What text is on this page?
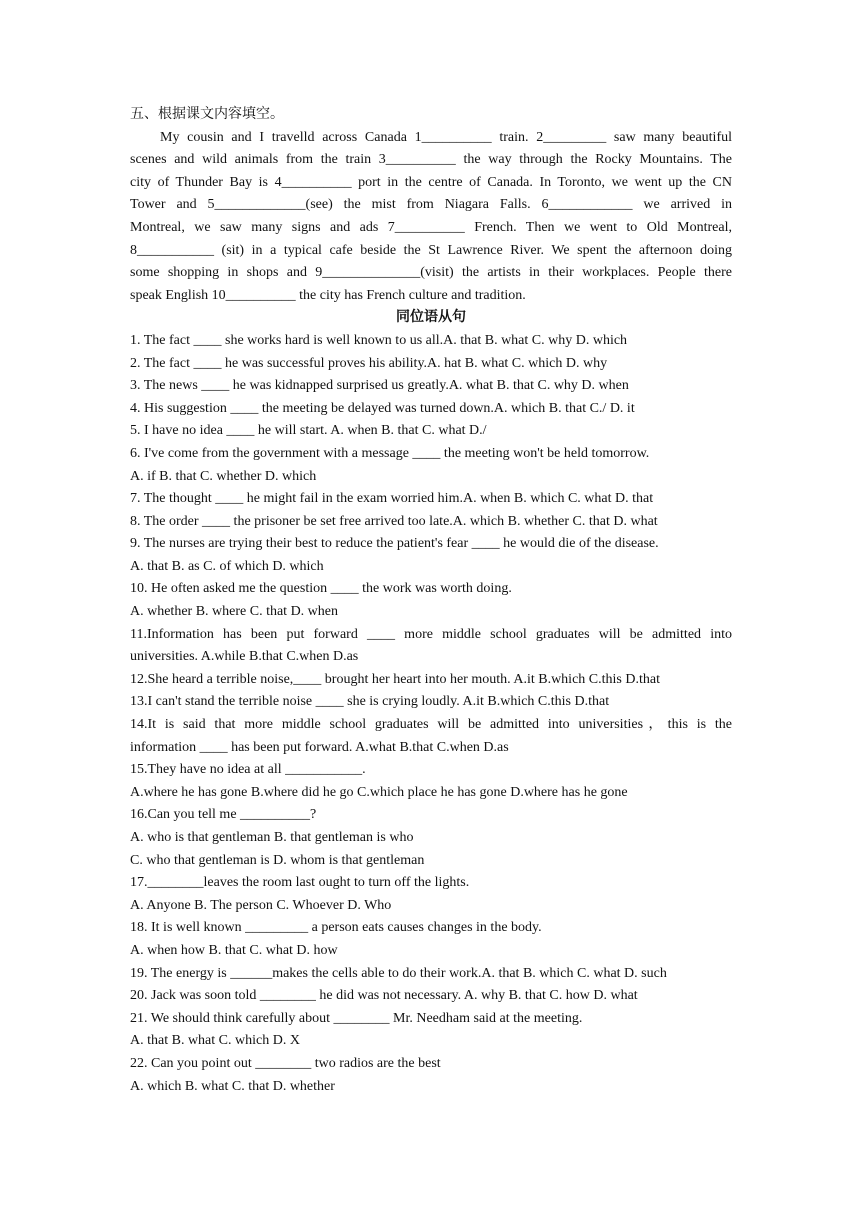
五、根据课文内容填空。
My cousin and I travelld across Canada 1__________ train. 2_________ saw many beautiful
scenes and wild animals from the train 3__________ the way through the Rocky Mountains. The
city of Thunder Bay is 4__________ port in the centre of Canada. In Toronto, we went up the CN
Tower and 5_____________(see) the mist from Niagara Falls. 6____________ we arrived in
Montreal, we saw many signs and ads 7__________ French. Then we went to Old Montreal,
8___________ (sit) in a typical cafe beside the St Lawrence River. We spent the afternoon doing
some shopping in shops and 9______________(visit) the artists in their workplaces. People there
speak English 10__________ the city has French culture and tradition.
同位语从句
1. The fact ____ she works hard is well known to us all.A. that B. what C. why D. which
2. The fact ____ he was successful proves his ability.A. hat B. what C. which D. why
3. The news ____ he was kidnapped surprised us greatly.A. what B. that C. why D. when
4. His suggestion ____ the meeting be delayed was turned down.A. which B. that C./ D. it
5. I have no idea ____ he will start. A. when B. that C. what D./
6. I've come from the government with a message ____ the meeting won't be held tomorrow.
A. if B. that C. whether D. which
7. The thought ____ he might fail in the exam worried him.A. when B. which C. what D. that
8. The order ____ the prisoner be set free arrived too late.A. which B. whether C. that D. what
9. The nurses are trying their best to reduce the patient's fear ____ he would die of the disease.
A. that B. as C. of which D. which
10. He often asked me the question ____ the work was worth doing.
A. whether B. where C. that D. when
11.Information has been put forward ____ more middle school graduates will be admitted into
universities. A.while B.that C.when D.as
12.She heard a terrible noise,____ brought her heart into her mouth. A.it B.which C.this D.that
13.I can't stand the terrible noise ____ she is crying loudly. A.it B.which C.this D.that
14.It is said that more middle school graduates will be admitted into universities，this is the
information ____ has been put forward. A.what B.that C.when D.as
15.They have no idea at all ___________.
A.where he has gone B.where did he go C.which place he has gone D.where has he gone
16.Can you tell me __________?
A. who is that gentleman B. that gentleman is who
C. who that gentleman is D. whom is that gentleman
17.________leaves the room last ought to turn off the lights.
A. Anyone B. The person C. Whoever D. Who
18. It is well known _________ a person eats causes changes in the body.
A. when how B. that C. what D. how
19. The energy is ______makes the cells able to do their work.A. that B. which C. what D. such
20. Jack was soon told ________ he did was not necessary. A. why B. that C. how D. what
21. We should think carefully about ________ Mr. Needham said at the meeting.
A. that B. what C. which D. X
22. Can you point out ________ two radios are the best
A. which B. what C. that D. whether
